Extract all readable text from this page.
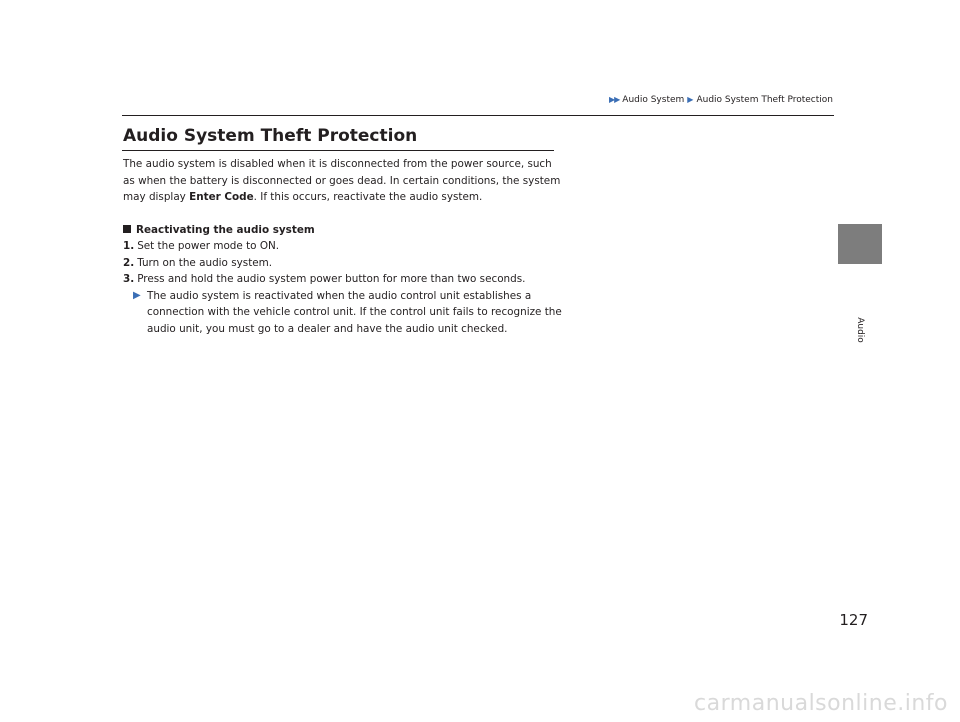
▶▶ Audio System ▶ Audio System Theft Protection
Audio
Audio System Theft Protection

The audio system is disabled when it is disconnected from the power source, such as when the battery is disconnected or goes dead. In certain conditions, the system may display Enter Code. If this occurs, reactivate the audio system.

Reactivating the audio system

1. Set the power mode to ON.

2. Turn on the audio system.

3. Press and hold the audio system power button for more than two seconds.

▶ The audio system is reactivated when the audio control unit establishes a connection with the vehicle control unit. If the control unit fails to recognize the audio unit, you must go to a dealer and have the audio unit checked.
127
carmanualsonline.info
